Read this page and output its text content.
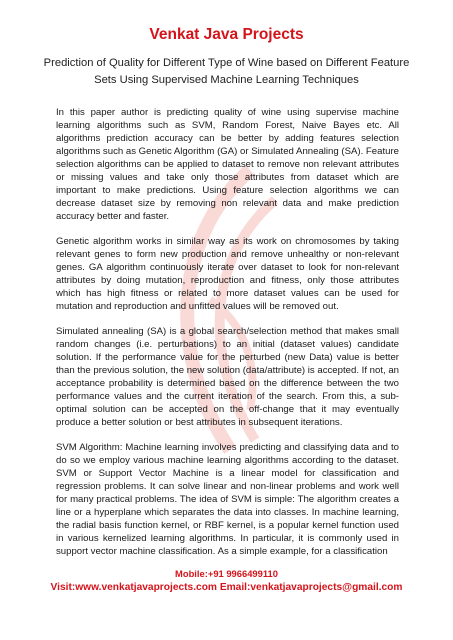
Venkat Java Projects
Prediction of Quality for Different Type of Wine based on Different Feature Sets Using Supervised Machine Learning Techniques

In this paper author is predicting quality of wine using supervise machine learning algorithms such as SVM, Random Forest, Naive Bayes etc. All algorithms prediction accuracy can be better by adding features selection algorithms such as Genetic Algorithm (GA) or Simulated Annealing (SA). Feature selection algorithms can be applied to dataset to remove non relevant attributes or missing values and take only those attributes from dataset which are important to make predictions. Using feature selection algorithms we can decrease dataset size by removing non relevant data and make prediction accuracy better and faster.

Genetic algorithm works in similar way as its work on chromosomes by taking relevant genes to form new production and remove unhealthy or non-relevant genes. GA algorithm continuously iterate over dataset to look for non-relevant attributes by doing mutation, reproduction and fitness, only those attributes which has high fitness or related to more dataset values can be used for mutation and reproduction and unfitted values will be removed out.

Simulated annealing (SA) is a global search/selection method that makes small random changes (i.e. perturbations) to an initial (dataset values) candidate solution. If the performance value for the perturbed (new Data) value is better than the previous solution, the new solution (data/attribute) is accepted. If not, an acceptance probability is determined based on the difference between the two performance values and the current iteration of the search. From this, a sub-optimal solution can be accepted on the off-change that it may eventually produce a better solution or best attributes in subsequent iterations.

SVM Algorithm: Machine learning involves predicting and classifying data and to do so we employ various machine learning algorithms according to the dataset. SVM or Support Vector Machine is a linear model for classification and regression problems. It can solve linear and non-linear problems and work well for many practical problems. The idea of SVM is simple: The algorithm creates a line or a hyperplane which separates the data into classes. In machine learning, the radial basis function kernel, or RBF kernel, is a popular kernel function used in various kernelized learning algorithms. In particular, it is commonly used in support vector machine classification. As a simple example, for a classification

Mobile:+91 9966499110
Visit:www.venkatjavaprojects.com Email:venkatjavaprojects@gmail.com
